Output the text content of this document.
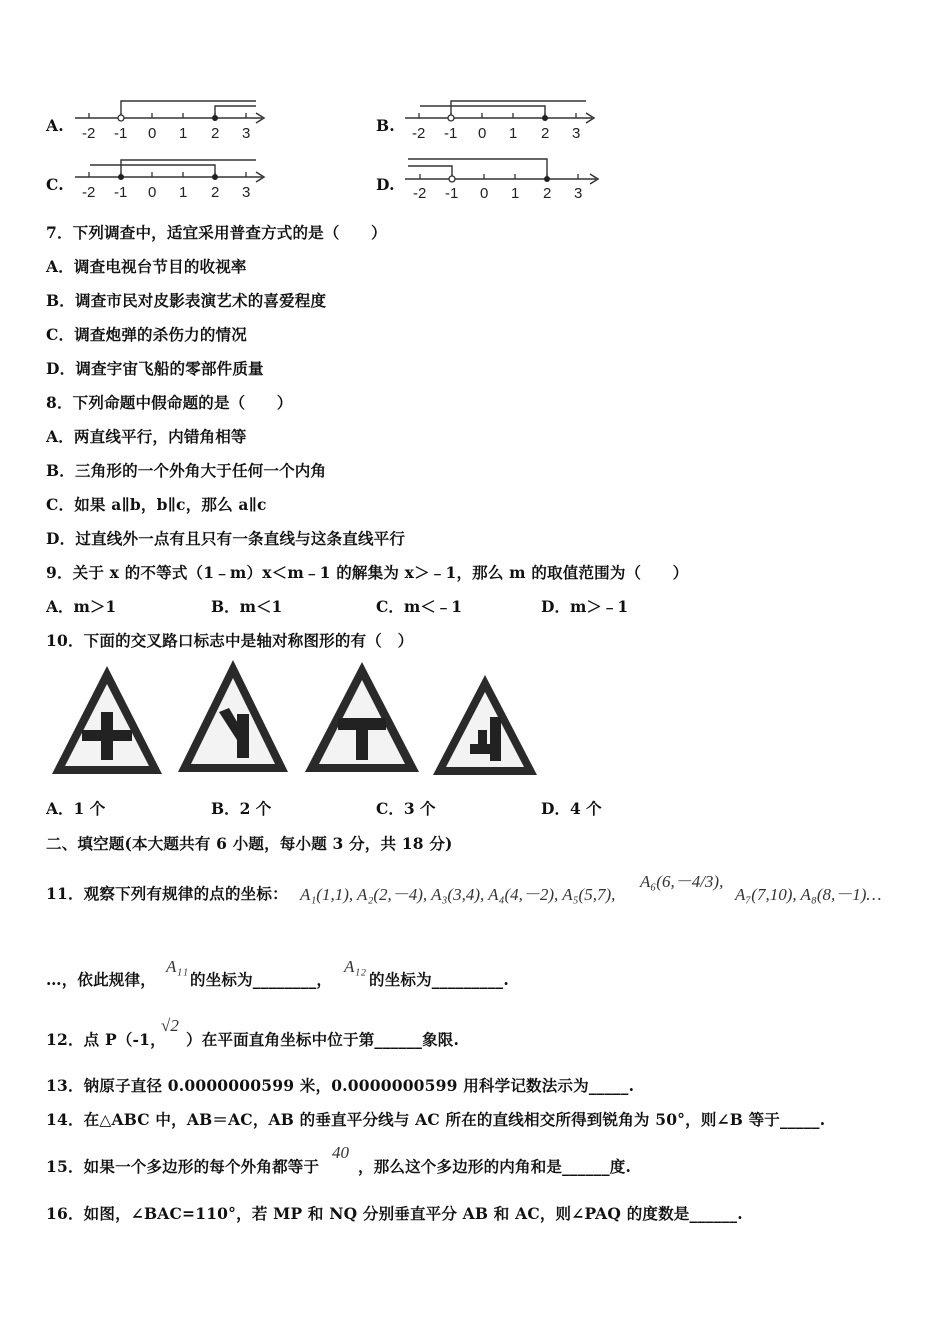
A.	B.
C.	D.
-2 -1 0 1 2 3	-2 -1 0 1 2 3
-2 -1 0 1 2 3	-2 -1 0 1 2 3
7．下列调查中，适宜采用普查方式的是（　　）
A．调查电视台节目的收视率
B．调查市民对皮影表演艺术的喜爱程度
C．调查炮弹的杀伤力的情况
D．调查宇宙飞船的零部件质量
8．下列命题中假命题的是（　　）
A．两直线平行，内错角相等
B．三角形的一个外角大于任何一个内角
C．如果 a∥b，b∥c，那么 a∥c
D．过直线外一点有且只有一条直线与这条直线平行
9．关于 x 的不等式（1﹣m）x＜m﹣1 的解集为 x＞﹣1，那么 m 的取值范围为（　　）
A．m＞1	B．m＜1	C．m＜﹣1	D．m＞﹣1
10．下面的交叉路口标志中是轴对称图形的有（　）
A．1 个	B．2 个	C．3 个	D．4 个
二、填空题(本大题共有 6 小题，每小题 3 分，共 18 分)
11．观察下列有规律的点的坐标： A₁(1,1), A₂(2,－4), A₃(3,4), A₄(4,－2), A₅(5,7),
A₆(6,－4/3),
A₇(7,10), A₈(8,－1)…
…，依此规律，
A₁₁
的坐标为________，
A₁₂
的坐标为_________.
12．点 P（-1，
√2
）在平面直角坐标中位于第______象限.
13．钠原子直径 0.0000000599 米，0.0000000599 用科学记数法示为_____.
14．在△ABC 中，AB＝AC，AB 的垂直平分线与 AC 所在的直线相交所得到锐角为 50°，则∠B 等于_____.
15．如果一个多边形的每个外角都等于
40
，那么这个多边形的内角和是______度.
16．如图，∠BAC=110°，若 MP 和 NQ 分别垂直平分 AB 和 AC，则∠PAQ 的度数是______.
